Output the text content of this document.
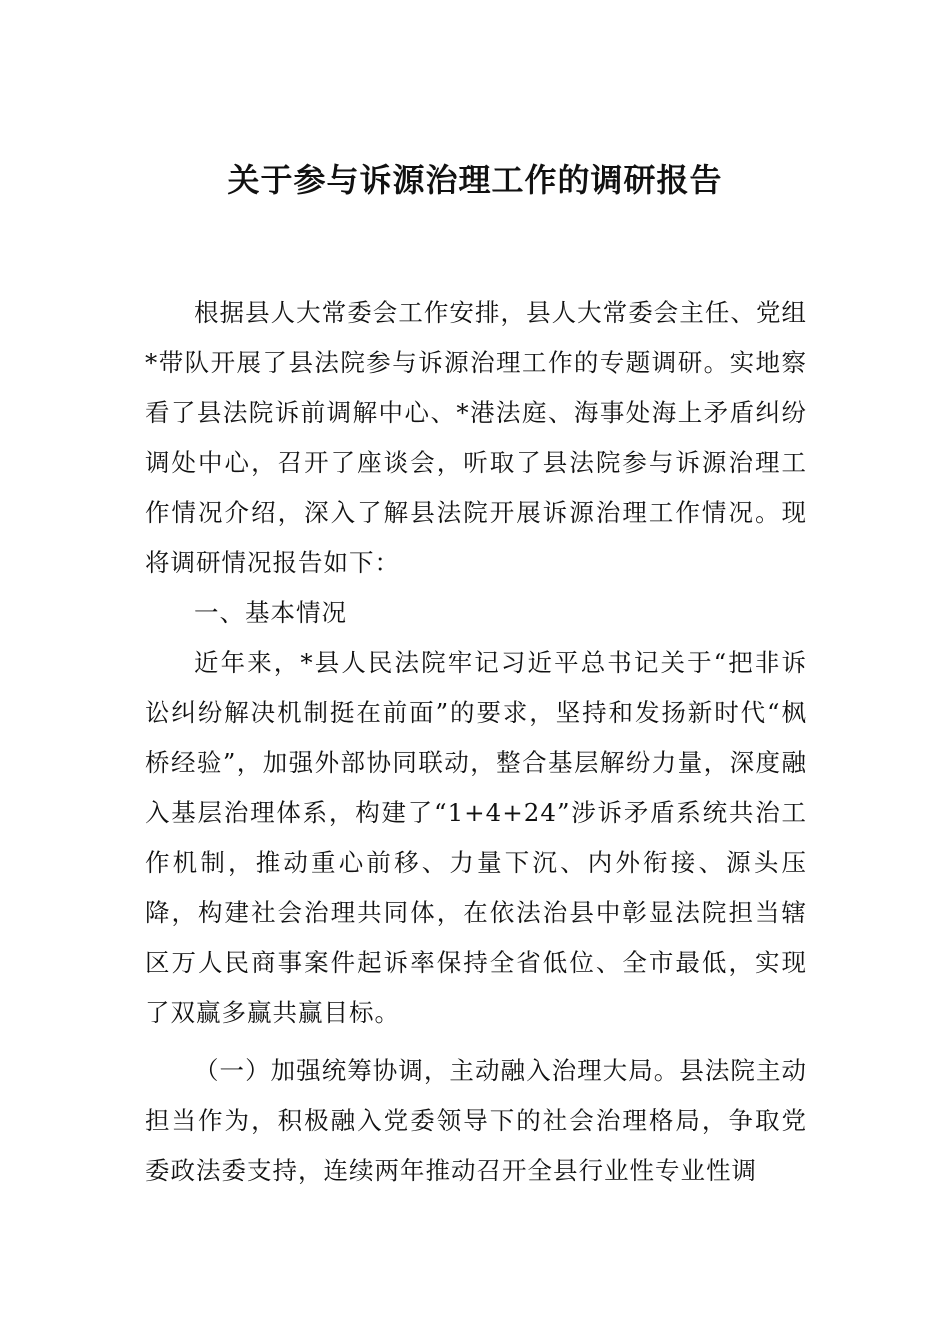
关于参与诉源治理工作的调研报告

根据县人大常委会工作安排，县人大常委会主任、党组*带队开展了县法院参与诉源治理工作的专题调研。实地察看了县法院诉前调解中心、*港法庭、海事处海上矛盾纠纷调处中心，召开了座谈会，听取了县法院参与诉源治理工作情况介绍，深入了解县法院开展诉源治理工作情况。现将调研情况报告如下：

一、基本情况

近年来，*县人民法院牢记习近平总书记关于“把非诉讼纠纷解决机制挺在前面”的要求，坚持和发扬新时代“枫桥经验”，加强外部协同联动，整合基层解纷力量，深度融入基层治理体系，构建了“1+4+24”涉诉矛盾系统共治工作机制，推动重心前移、力量下沉、内外衔接、源头压降，构建社会治理共同体，在依法治县中彰显法院担当辖区万人民商事案件起诉率保持全省低位、全市最低，实现了双赢多赢共赢目标。

（一）加强统筹协调，主动融入治理大局。县法院主动担当作为，积极融入党委领导下的社会治理格局，争取党委政法委支持，连续两年推动召开全县行业性专业性调
